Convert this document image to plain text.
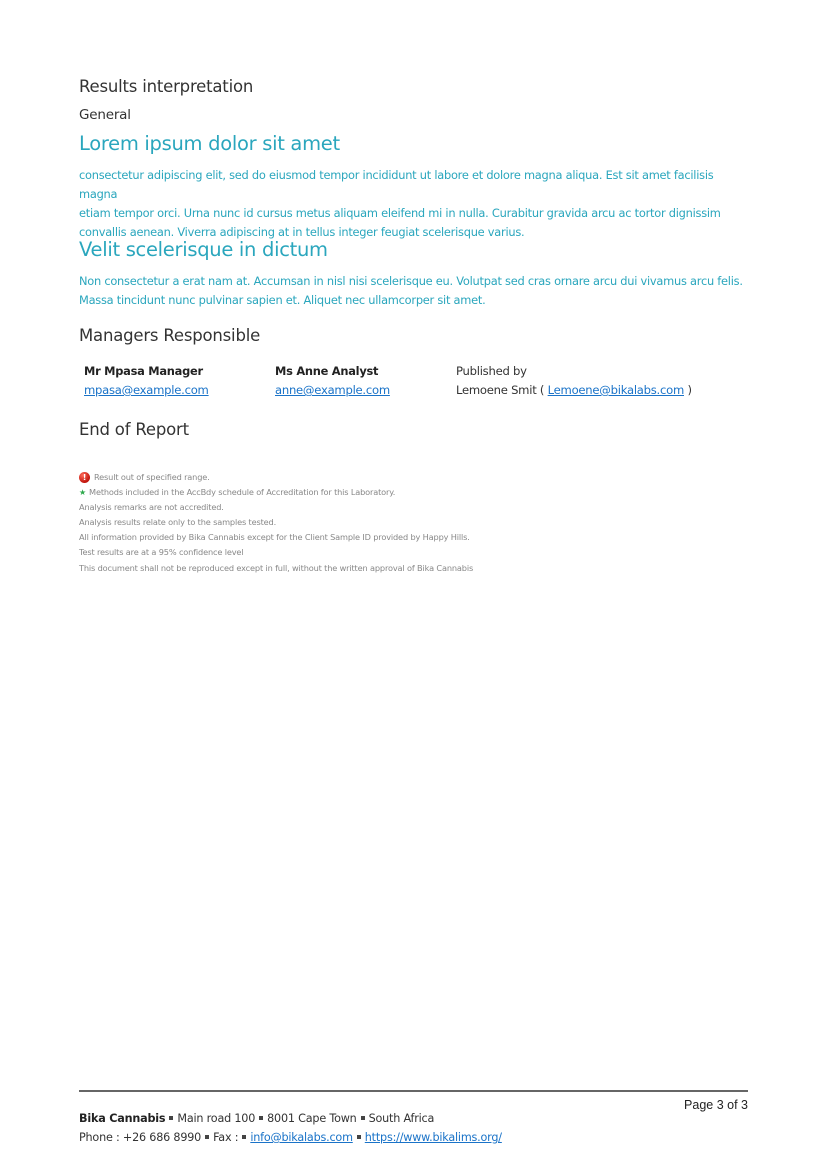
Results interpretation
General
Lorem ipsum dolor sit amet
consectetur adipiscing elit, sed do eiusmod tempor incididunt ut labore et dolore magna aliqua. Est sit amet facilisis magna
etiam tempor orci. Urna nunc id cursus metus aliquam eleifend mi in nulla. Curabitur gravida arcu ac tortor dignissim
convallis aenean. Viverra adipiscing at in tellus integer feugiat scelerisque varius.
Velit scelerisque in dictum
Non consectetur a erat nam at. Accumsan in nisl nisi scelerisque eu. Volutpat sed cras ornare arcu dui vivamus arcu felis.
Massa tincidunt nunc pulvinar sapien et. Aliquet nec ullamcorper sit amet.
Managers Responsible
Mr Mpasa Manager
mpasa@example.com
Ms Anne Analyst
anne@example.com
Published by
Lemoene Smit ( Lemoene@bikalabs.com )
End of Report
! Result out of specified range.
★ Methods included in the AccBdy schedule of Accreditation for this Laboratory.
Analysis remarks are not accredited.
Analysis results relate only to the samples tested.
All information provided by Bika Cannabis except for the Client Sample ID provided by Happy Hills.
Test results are at a 95% confidence level
This document shall not be reproduced except in full, without the written approval of Bika Cannabis
Page 3 of 3
Bika Cannabis Main road 100 8001 Cape Town South Africa
Phone : +26 686 8990 Fax : info@bikalabs.com https://www.bikalims.org/
